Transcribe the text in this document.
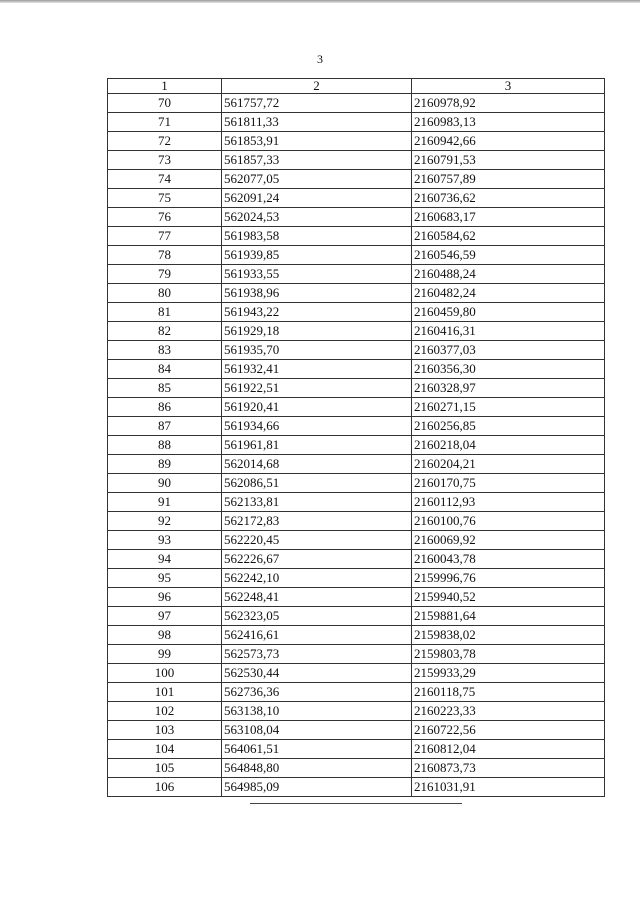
3
1	2	3
70	561757,72	2160978,92
71	561811,33	2160983,13
72	561853,91	2160942,66
73	561857,33	2160791,53
74	562077,05	2160757,89
75	562091,24	2160736,62
76	562024,53	2160683,17
77	561983,58	2160584,62
78	561939,85	2160546,59
79	561933,55	2160488,24
80	561938,96	2160482,24
81	561943,22	2160459,80
82	561929,18	2160416,31
83	561935,70	2160377,03
84	561932,41	2160356,30
85	561922,51	2160328,97
86	561920,41	2160271,15
87	561934,66	2160256,85
88	561961,81	2160218,04
89	562014,68	2160204,21
90	562086,51	2160170,75
91	562133,81	2160112,93
92	562172,83	2160100,76
93	562220,45	2160069,92
94	562226,67	2160043,78
95	562242,10	2159996,76
96	562248,41	2159940,52
97	562323,05	2159881,64
98	562416,61	2159838,02
99	562573,73	2159803,78
100	562530,44	2159933,29
101	562736,36	2160118,75
102	563138,10	2160223,33
103	563108,04	2160722,56
104	564061,51	2160812,04
105	564848,80	2160873,73
106	564985,09	2161031,91
